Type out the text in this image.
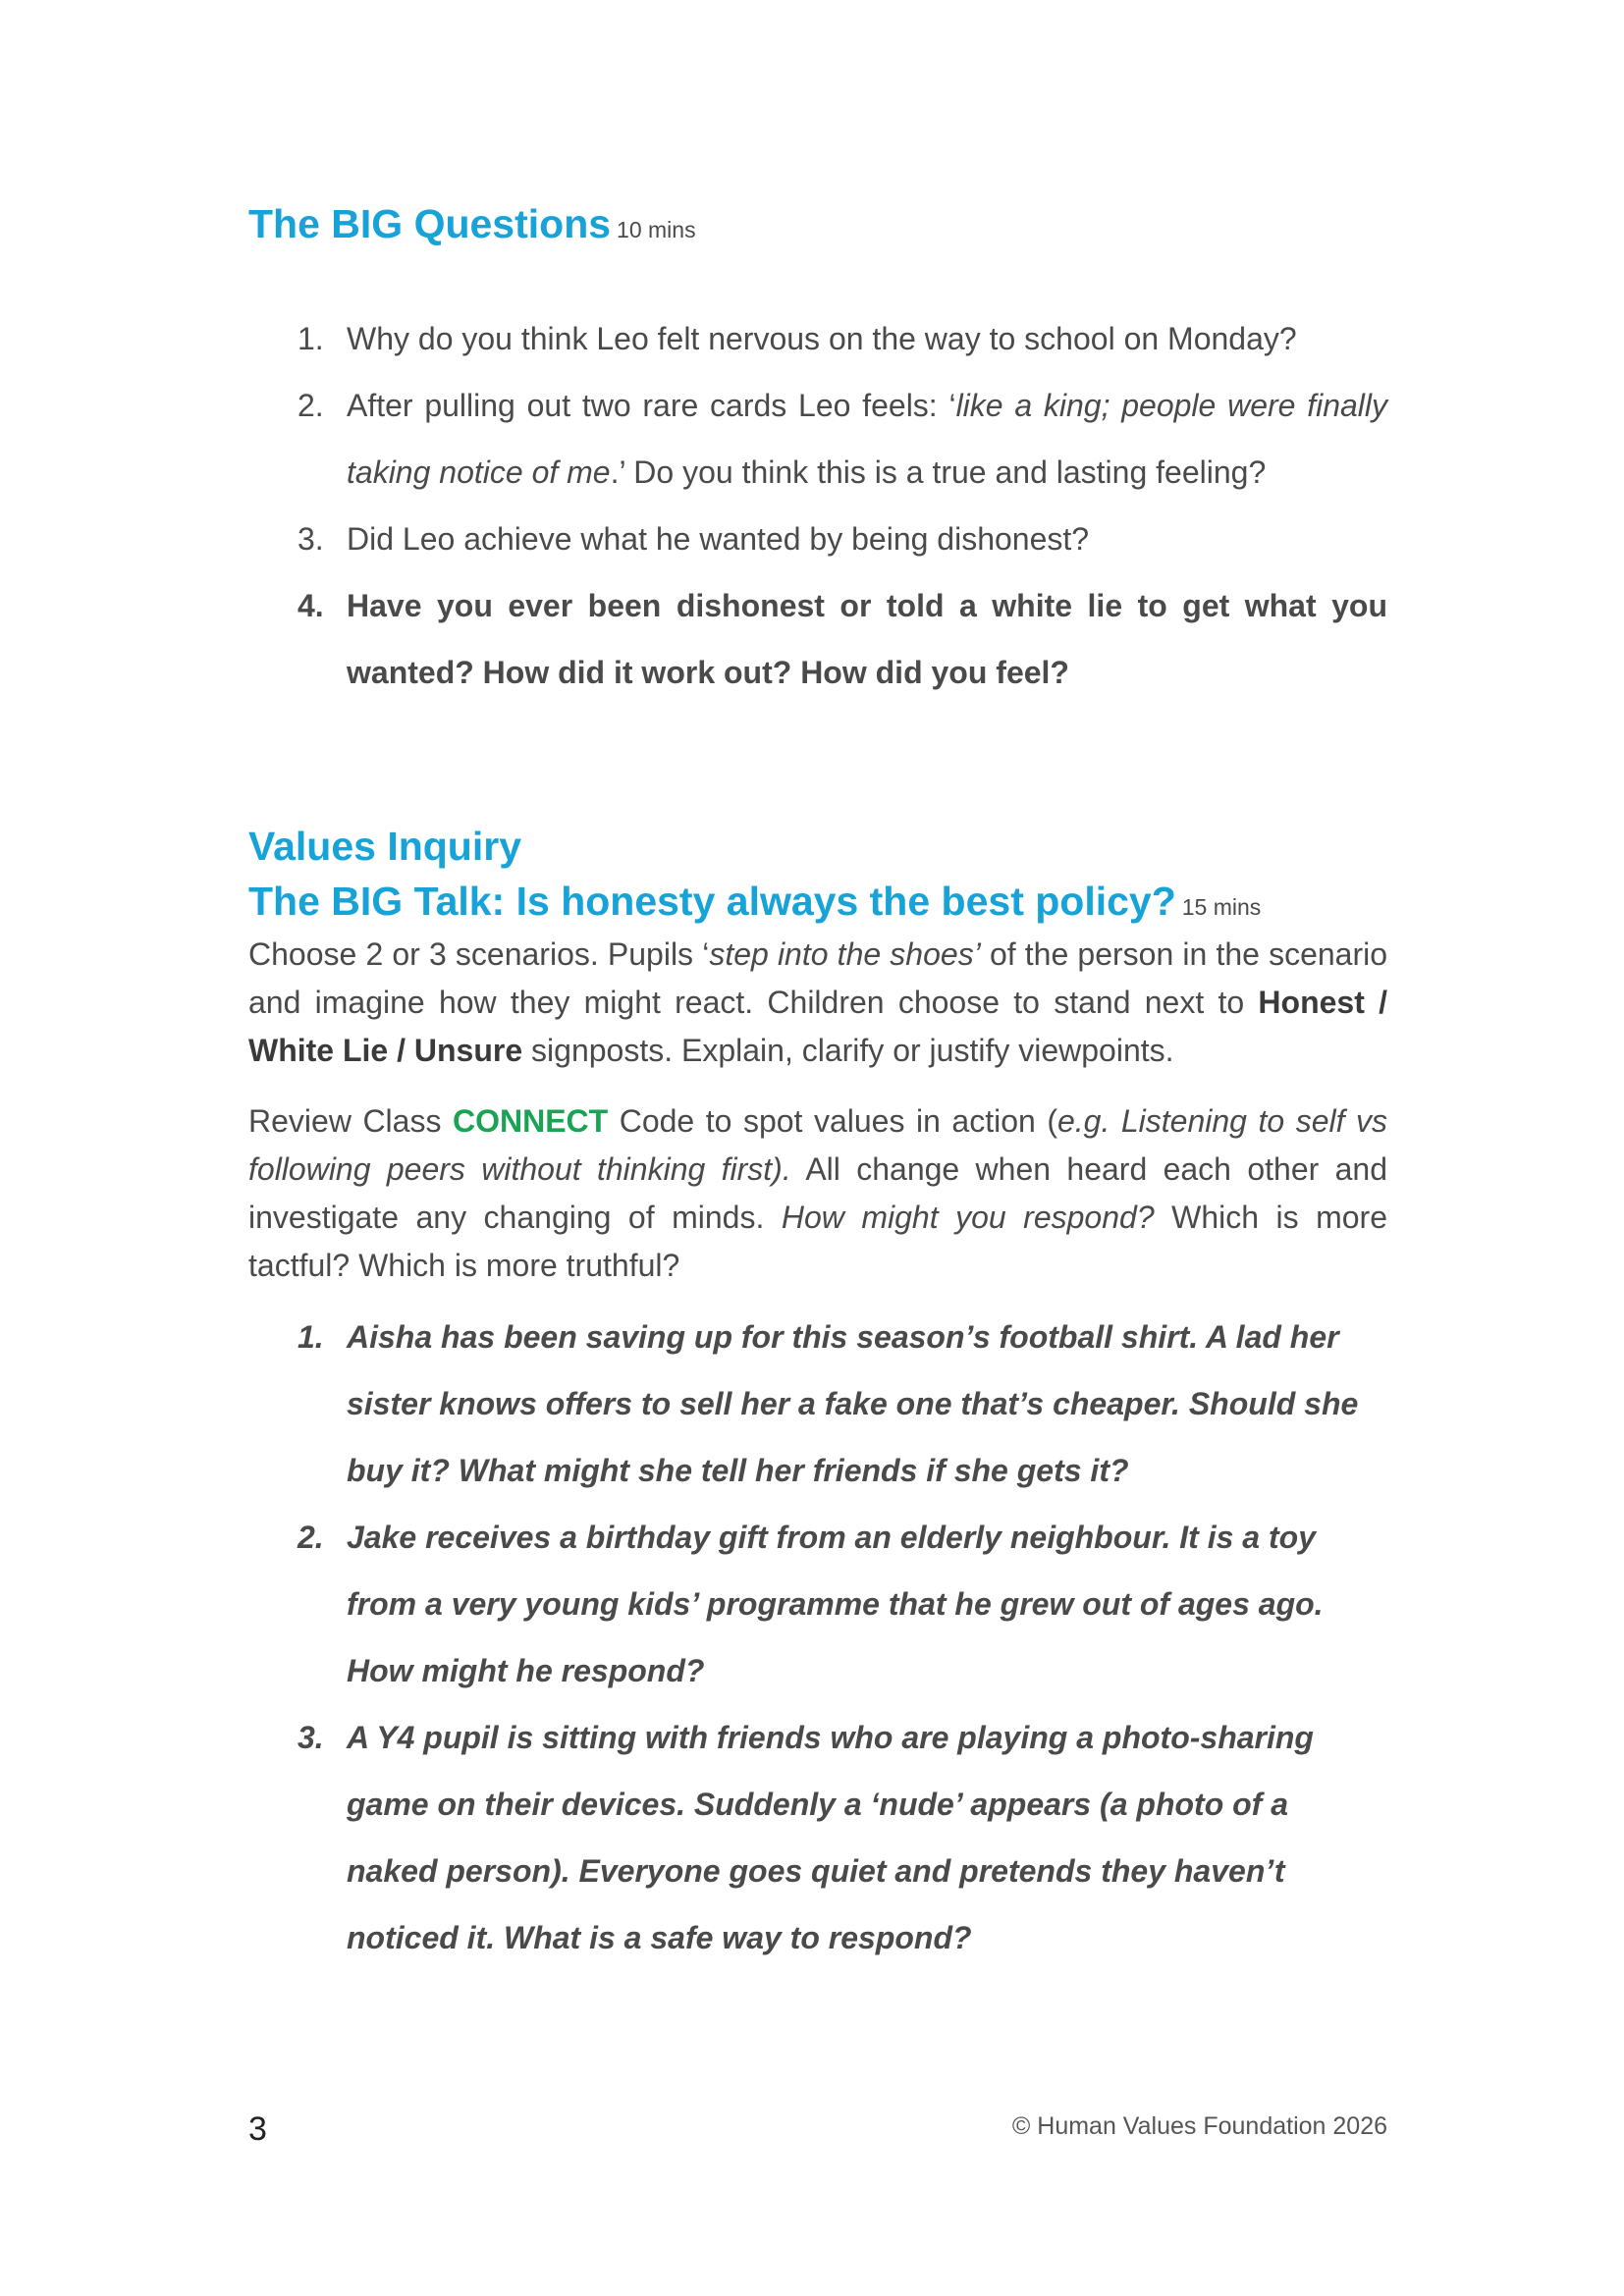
The BIG Questions 10 mins
1. Why do you think Leo felt nervous on the way to school on Monday?
2. After pulling out two rare cards Leo feels: ‘like a king; people were finally taking notice of me.’ Do you think this is a true and lasting feeling?
3. Did Leo achieve what he wanted by being dishonest?
4. Have you ever been dishonest or told a white lie to get what you wanted? How did it work out? How did you feel?
Values Inquiry
The BIG Talk: Is honesty always the best policy? 15 mins

Choose 2 or 3 scenarios. Pupils ‘step into the shoes’ of the person in the scenario and imagine how they might react. Children choose to stand next to Honest / White Lie / Unsure signposts. Explain, clarify or justify viewpoints.

Review Class CONNECT Code to spot values in action (e.g. Listening to self vs following peers without thinking first). All change when heard each other and investigate any changing of minds. How might you respond? Which is more tactful? Which is more truthful?

1. Aisha has been saving up for this season’s football shirt. A lad her sister knows offers to sell her a fake one that’s cheaper. Should she buy it? What might she tell her friends if she gets it?
2. Jake receives a birthday gift from an elderly neighbour. It is a toy from a very young kids’ programme that he grew out of ages ago. How might he respond?
3. A Y4 pupil is sitting with friends who are playing a photo-sharing game on their devices. Suddenly a ‘nude’ appears (a photo of a naked person). Everyone goes quiet and pretends they haven’t noticed it. What is a safe way to respond?
3	© Human Values Foundation 2026
